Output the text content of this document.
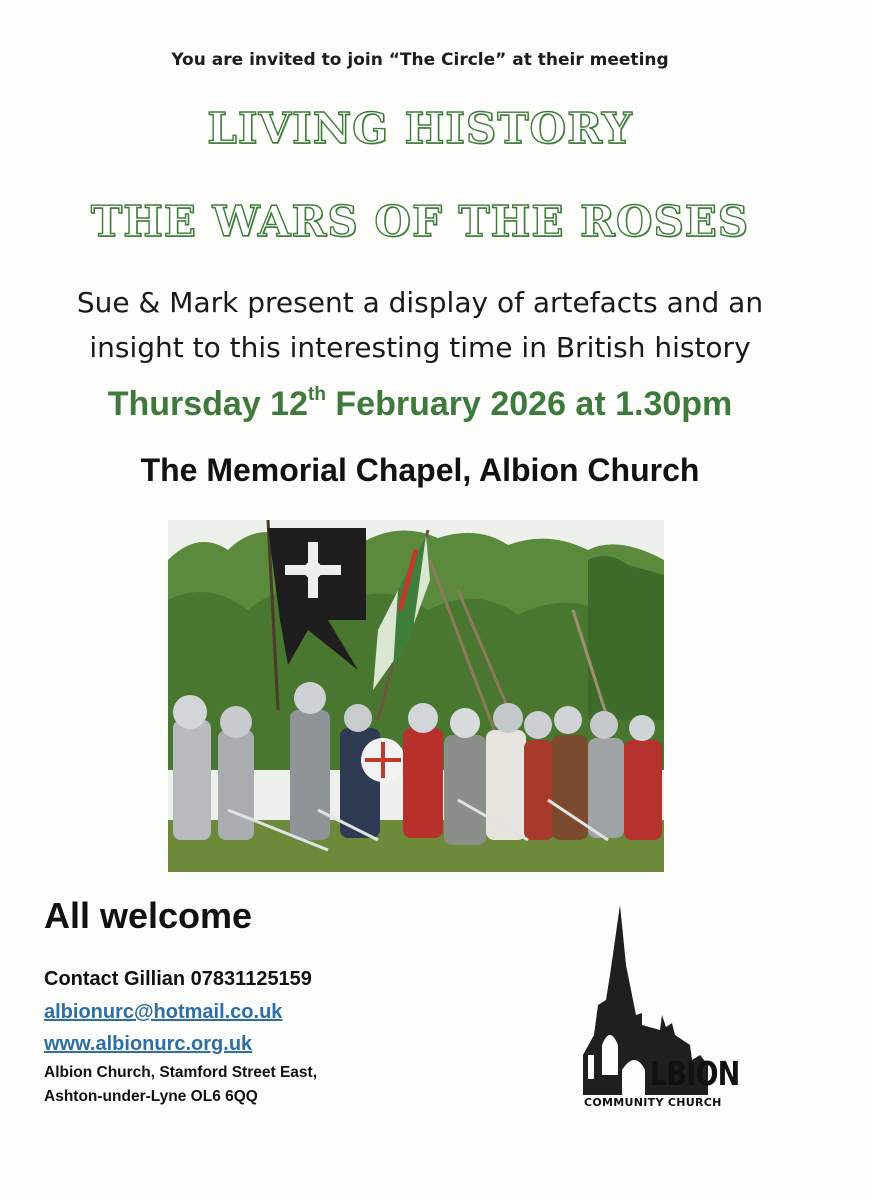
You are invited to join “The Circle” at their meeting
LIVING HISTORY
THE WARS OF THE ROSES
Sue & Mark present a display of artefacts and an
insight to this interesting time in British history
Thursday 12th February 2026 at 1.30pm
The Memorial Chapel, Albion Church
All welcome
Contact Gillian 07831125159
albionurc@hotmail.co.uk
www.albionurc.org.uk
Albion Church, Stamford Street East,
Ashton-under-Lyne OL6 6QQ
LBION
COMMUNITY CHURCH
